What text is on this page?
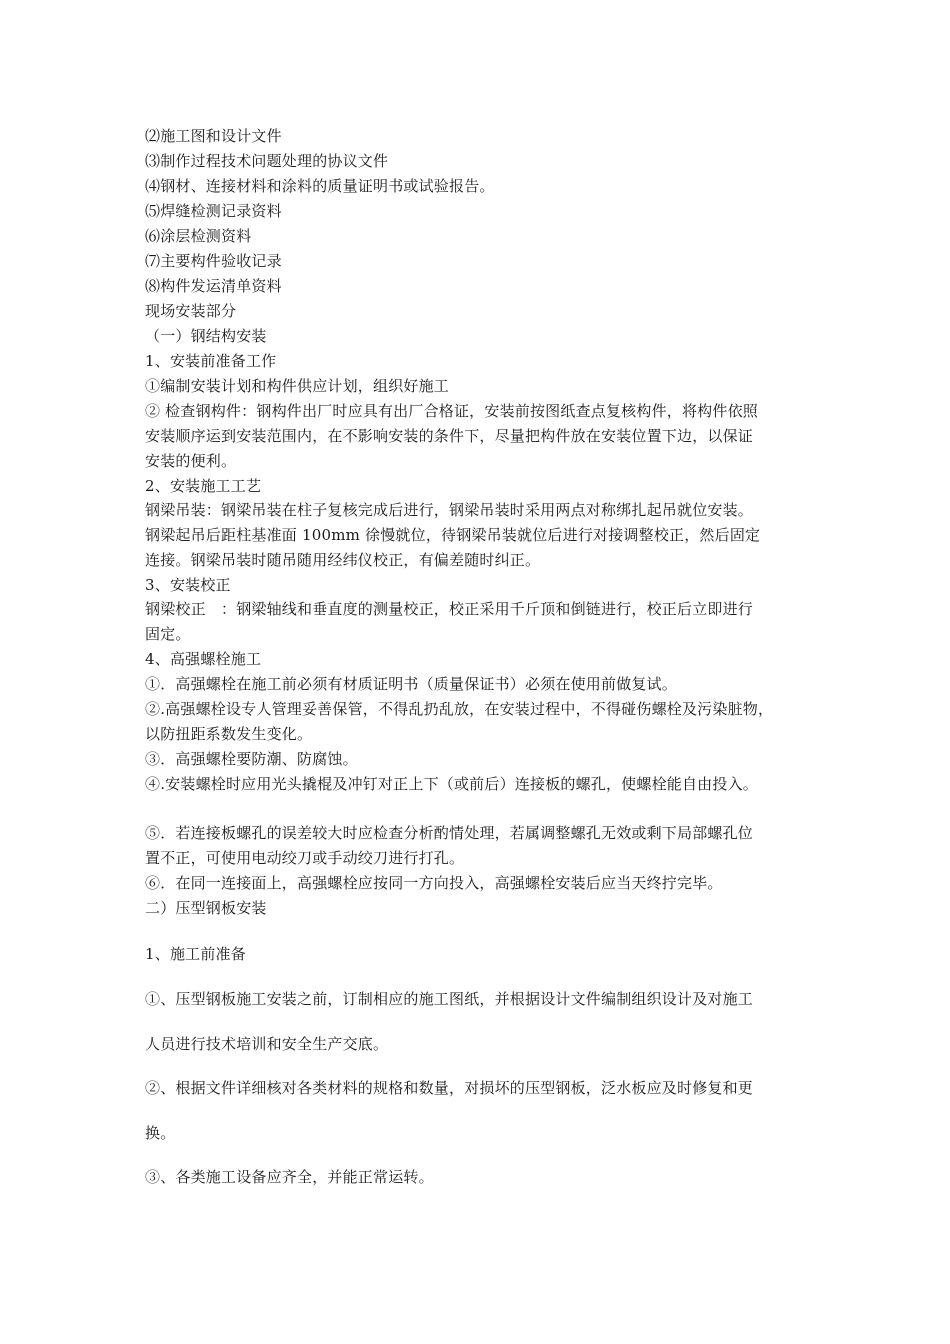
⑵施工图和设计文件
⑶制作过程技术问题处理的协议文件
⑷钢材、连接材料和涂料的质量证明书或试验报告。
⑸焊缝检测记录资料
⑹涂层检测资料
⑺主要构件验收记录
⑻构件发运清单资料
现场安装部分
（一）钢结构安装
1、安装前准备工作
①编制安装计划和构件供应计划，组织好施工
② 检查钢构件：钢构件出厂时应具有出厂合格证，安装前按图纸查点复核构件，将构件依照
安装顺序运到安装范围内，在不影响安装的条件下，尽量把构件放在安装位置下边，以保证
安装的便利。
2、安装施工工艺
钢梁吊装：钢梁吊装在柱子复核完成后进行，钢梁吊装时采用两点对称绑扎起吊就位安装。
钢梁起吊后距柱基准面 100mm 徐慢就位，待钢梁吊装就位后进行对接调整校正，然后固定
连接。钢梁吊装时随吊随用经纬仪校正，有偏差随时纠正。
3、安装校正
钢梁校正　：钢梁轴线和垂直度的测量校正，校正采用千斤顶和倒链进行，校正后立即进行
固定。
4、高强螺栓施工
①．高强螺栓在施工前必须有材质证明书（质量保证书）必须在使用前做复试。
②.高强螺栓设专人管理妥善保管，不得乱扔乱放，在安装过程中，不得碰伤螺栓及污染脏物，
以防扭距系数发生变化。
③．高强螺栓要防潮、防腐蚀。
④.安装螺栓时应用光头撬棍及冲钉对正上下（或前后）连接板的螺孔，使螺栓能自由投入。
⑤．若连接板螺孔的误差较大时应检查分析酌情处理，若属调整螺孔无效或剩下局部螺孔位
置不正，可使用电动绞刀或手动绞刀进行打孔。
⑥．在同一连接面上，高强螺栓应按同一方向投入，高强螺栓安装后应当天终拧完毕。
二）压型钢板安装
1、施工前准备
①、压型钢板施工安装之前，订制相应的施工图纸，并根据设计文件编制组织设计及对施工
人员进行技术培训和安全生产交底。
②、根据文件详细核对各类材料的规格和数量，对损坏的压型钢板，泛水板应及时修复和更
换。
③、各类施工设备应齐全，并能正常运转。
